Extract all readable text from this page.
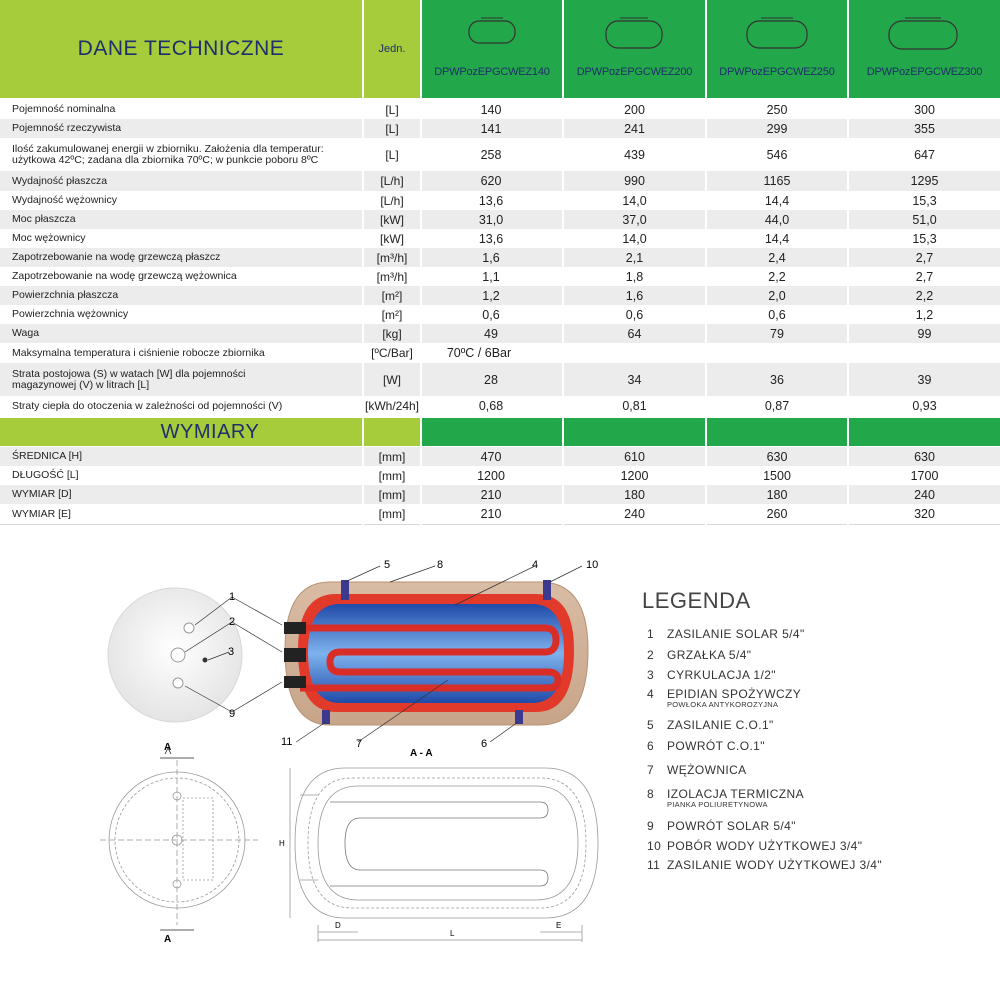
DANE TECHNICZNE	Jedn.
DPWPozEPGCWEZ140	DPWPozEPGCWEZ200	DPWPozEPGCWEZ250	DPWPozEPGCWEZ300
Pojemność nominalna	[L]	140	200	250	300
Pojemność rzeczywista	[L]	141	241	299	355
Ilość zakumulowanej energii w zbiorniku. Założenia dla temperatur: użytkowa 42ºC; zadana dla zbiornika 70ºC; w punkcie poboru 8ºC	[L]	258	439	546	647
Wydajność płaszcza	[L/h]	620	990	1165	1295
Wydajność wężownicy	[L/h]	13,6	14,0	14,4	15,3
Moc płaszcza	[kW]	31,0	37,0	44,0	51,0
Moc wężownicy	[kW]	13,6	14,0	14,4	15,3
Zapotrzebowanie na wodę grzewczą płaszcz	[m³/h]	1,6	2,1	2,4	2,7
Zapotrzebowanie na wodę grzewczą wężownica	[m³/h]	1,1	1,8	2,2	2,7
Powierzchnia płaszcza	[m²]	1,2	1,6	2,0	2,2
Powierzchnia wężownicy	[m²]	0,6	0,6	0,6	1,2
Waga	[kg]	49	64	79	99
Maksymalna temperatura i ciśnienie robocze zbiornika	[ºC/Bar]	70ºC / 6Bar
Strata postojowa (S) w watach [W] dla pojemności magazynowej (V) w litrach [L]	[W]	28	34	36	39
Straty ciepła do otoczenia w zależności od pojemności (V)	[kWh/24h]	0,68	0,81	0,87	0,93
WYMIARY
ŚREDNICA [H]	[mm]	470	610	630	630
DŁUGOŚĆ [L]	[mm]	1200	1200	1500	1700
WYMIAR [D]	[mm]	210	180	180	240
WYMIAR [E]	[mm]	210	240	260	320
1
2
3
9
5	8	4	10
11	7	6
A - A
A
A
H
D	E
L
LEGENDA
1 ZASILANIE SOLAR 5/4"
2 GRZAŁKA 5/4"
3 CYRKULACJA 1/2"
4 EPIDIAN SPOŻYWCZY
POWŁOKA ANTYKOROZYJNA
5 ZASILANIE C.O.1"
6 POWRÓT C.O.1"
7 WĘŻOWNICA
8 IZOLACJA TERMICZNA
PIANKA POLIURETYNOWA
9 POWRÓT SOLAR 5/4"
10 POBÓR WODY UŻYTKOWEJ 3/4"
11 ZASILANIE WODY UŻYTKOWEJ 3/4"
